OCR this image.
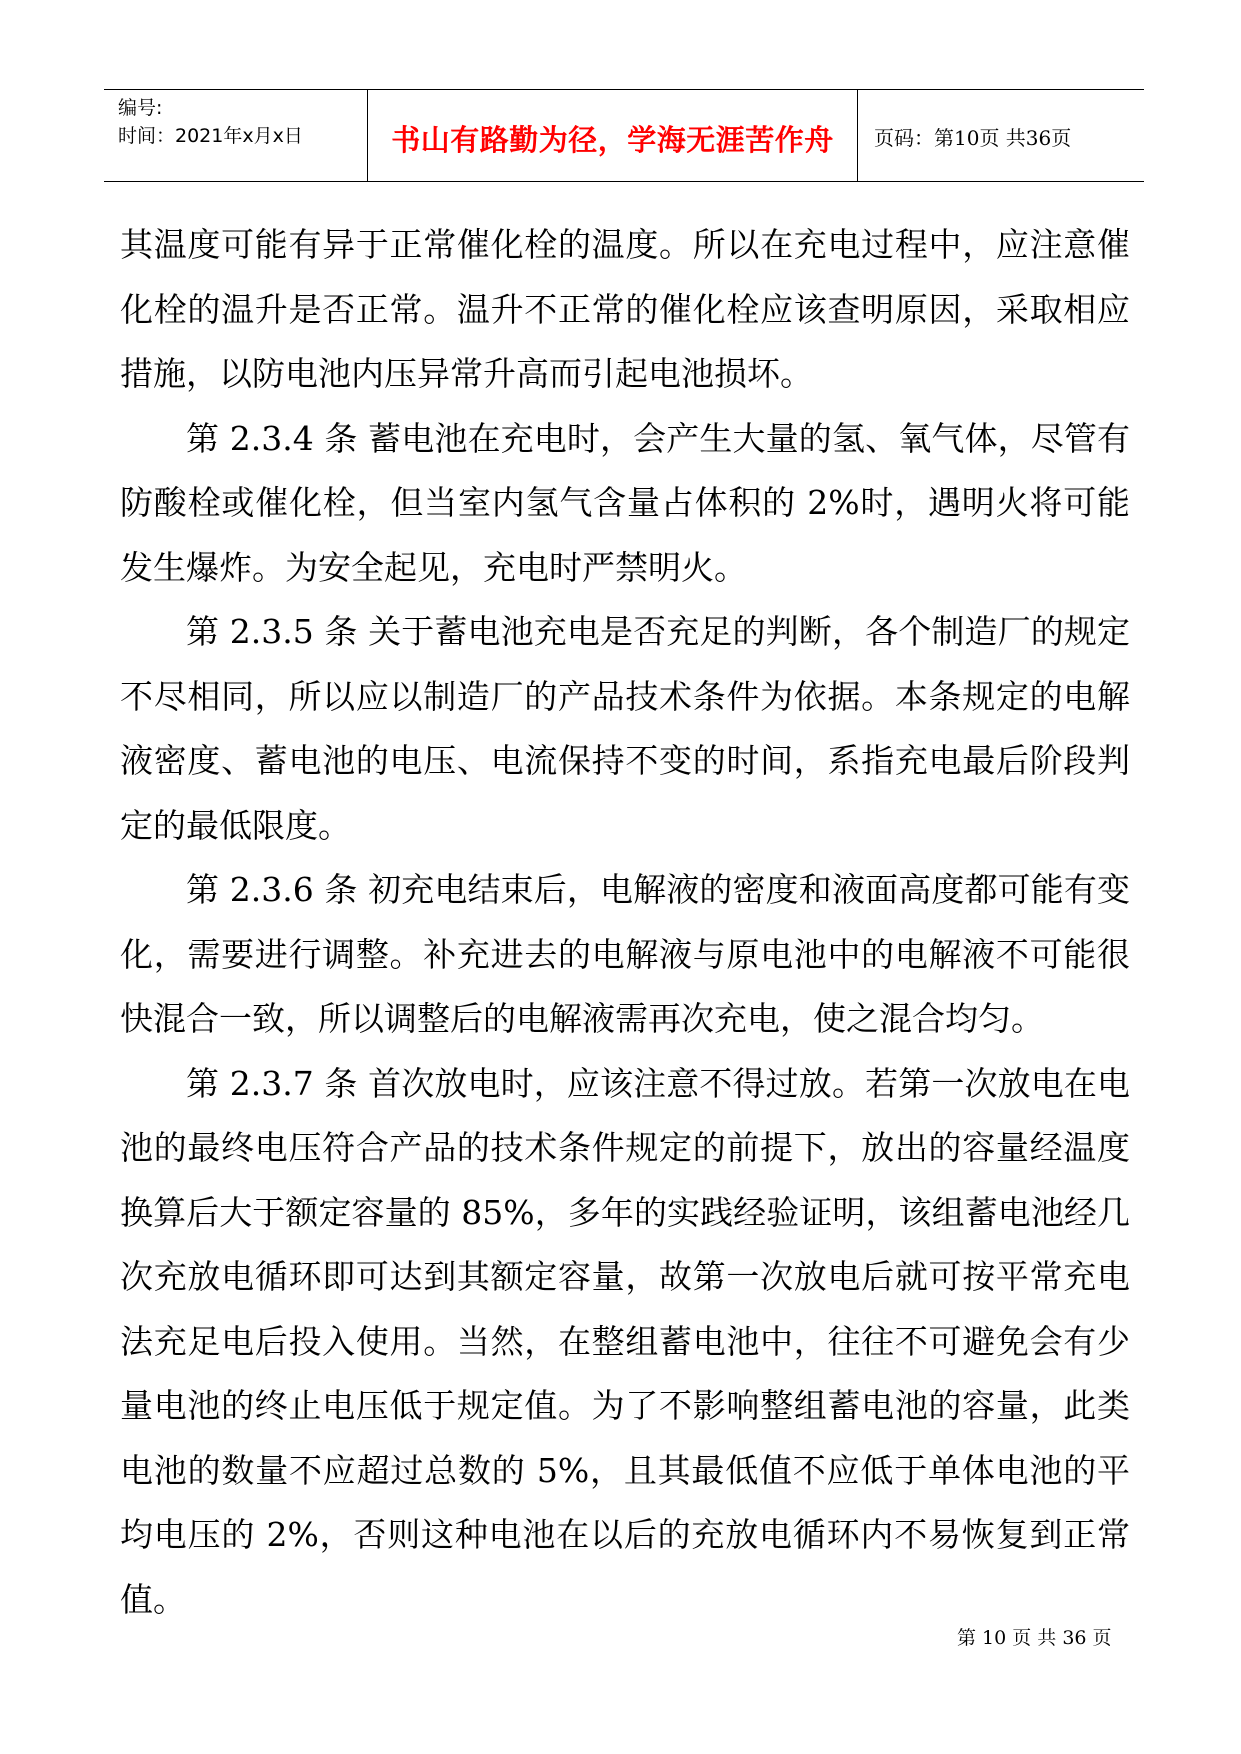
编号:
时间：2021年x月x日	书山有路勤为径，学海无涯苦作舟	页码：第10页 共36页

其温度可能有异于正常催化栓的温度。所以在充电过程中，应注意催化栓的温升是否正常。温升不正常的催化栓应该查明原因，采取相应措施，以防电池内压异常升高而引起电池损坏。

第 2.3.4 条 蓄电池在充电时，会产生大量的氢、氧气体，尽管有防酸栓或催化栓，但当室内氢气含量占体积的 2%时，遇明火将可能发生爆炸。为安全起见，充电时严禁明火。

第 2.3.5 条 关于蓄电池充电是否充足的判断，各个制造厂的规定不尽相同，所以应以制造厂的产品技术条件为依据。本条规定的电解液密度、蓄电池的电压、电流保持不变的时间，系指充电最后阶段判定的最低限度。

第 2.3.6 条 初充电结束后，电解液的密度和液面高度都可能有变化，需要进行调整。补充进去的电解液与原电池中的电解液不可能很快混合一致，所以调整后的电解液需再次充电，使之混合均匀。

第 2.3.7 条 首次放电时，应该注意不得过放。若第一次放电在电池的最终电压符合产品的技术条件规定的前提下，放出的容量经温度换算后大于额定容量的 85%，多年的实践经验证明，该组蓄电池经几次充放电循环即可达到其额定容量，故第一次放电后就可按平常充电法充足电后投入使用。当然，在整组蓄电池中，往往不可避免会有少量电池的终止电压低于规定值。为了不影响整组蓄电池的容量，此类电池的数量不应超过总数的 5%，且其最低值不应低于单体电池的平均电压的 2%，否则这种电池在以后的充放电循环内不易恢复到正常值。

第 10 页 共 36 页
